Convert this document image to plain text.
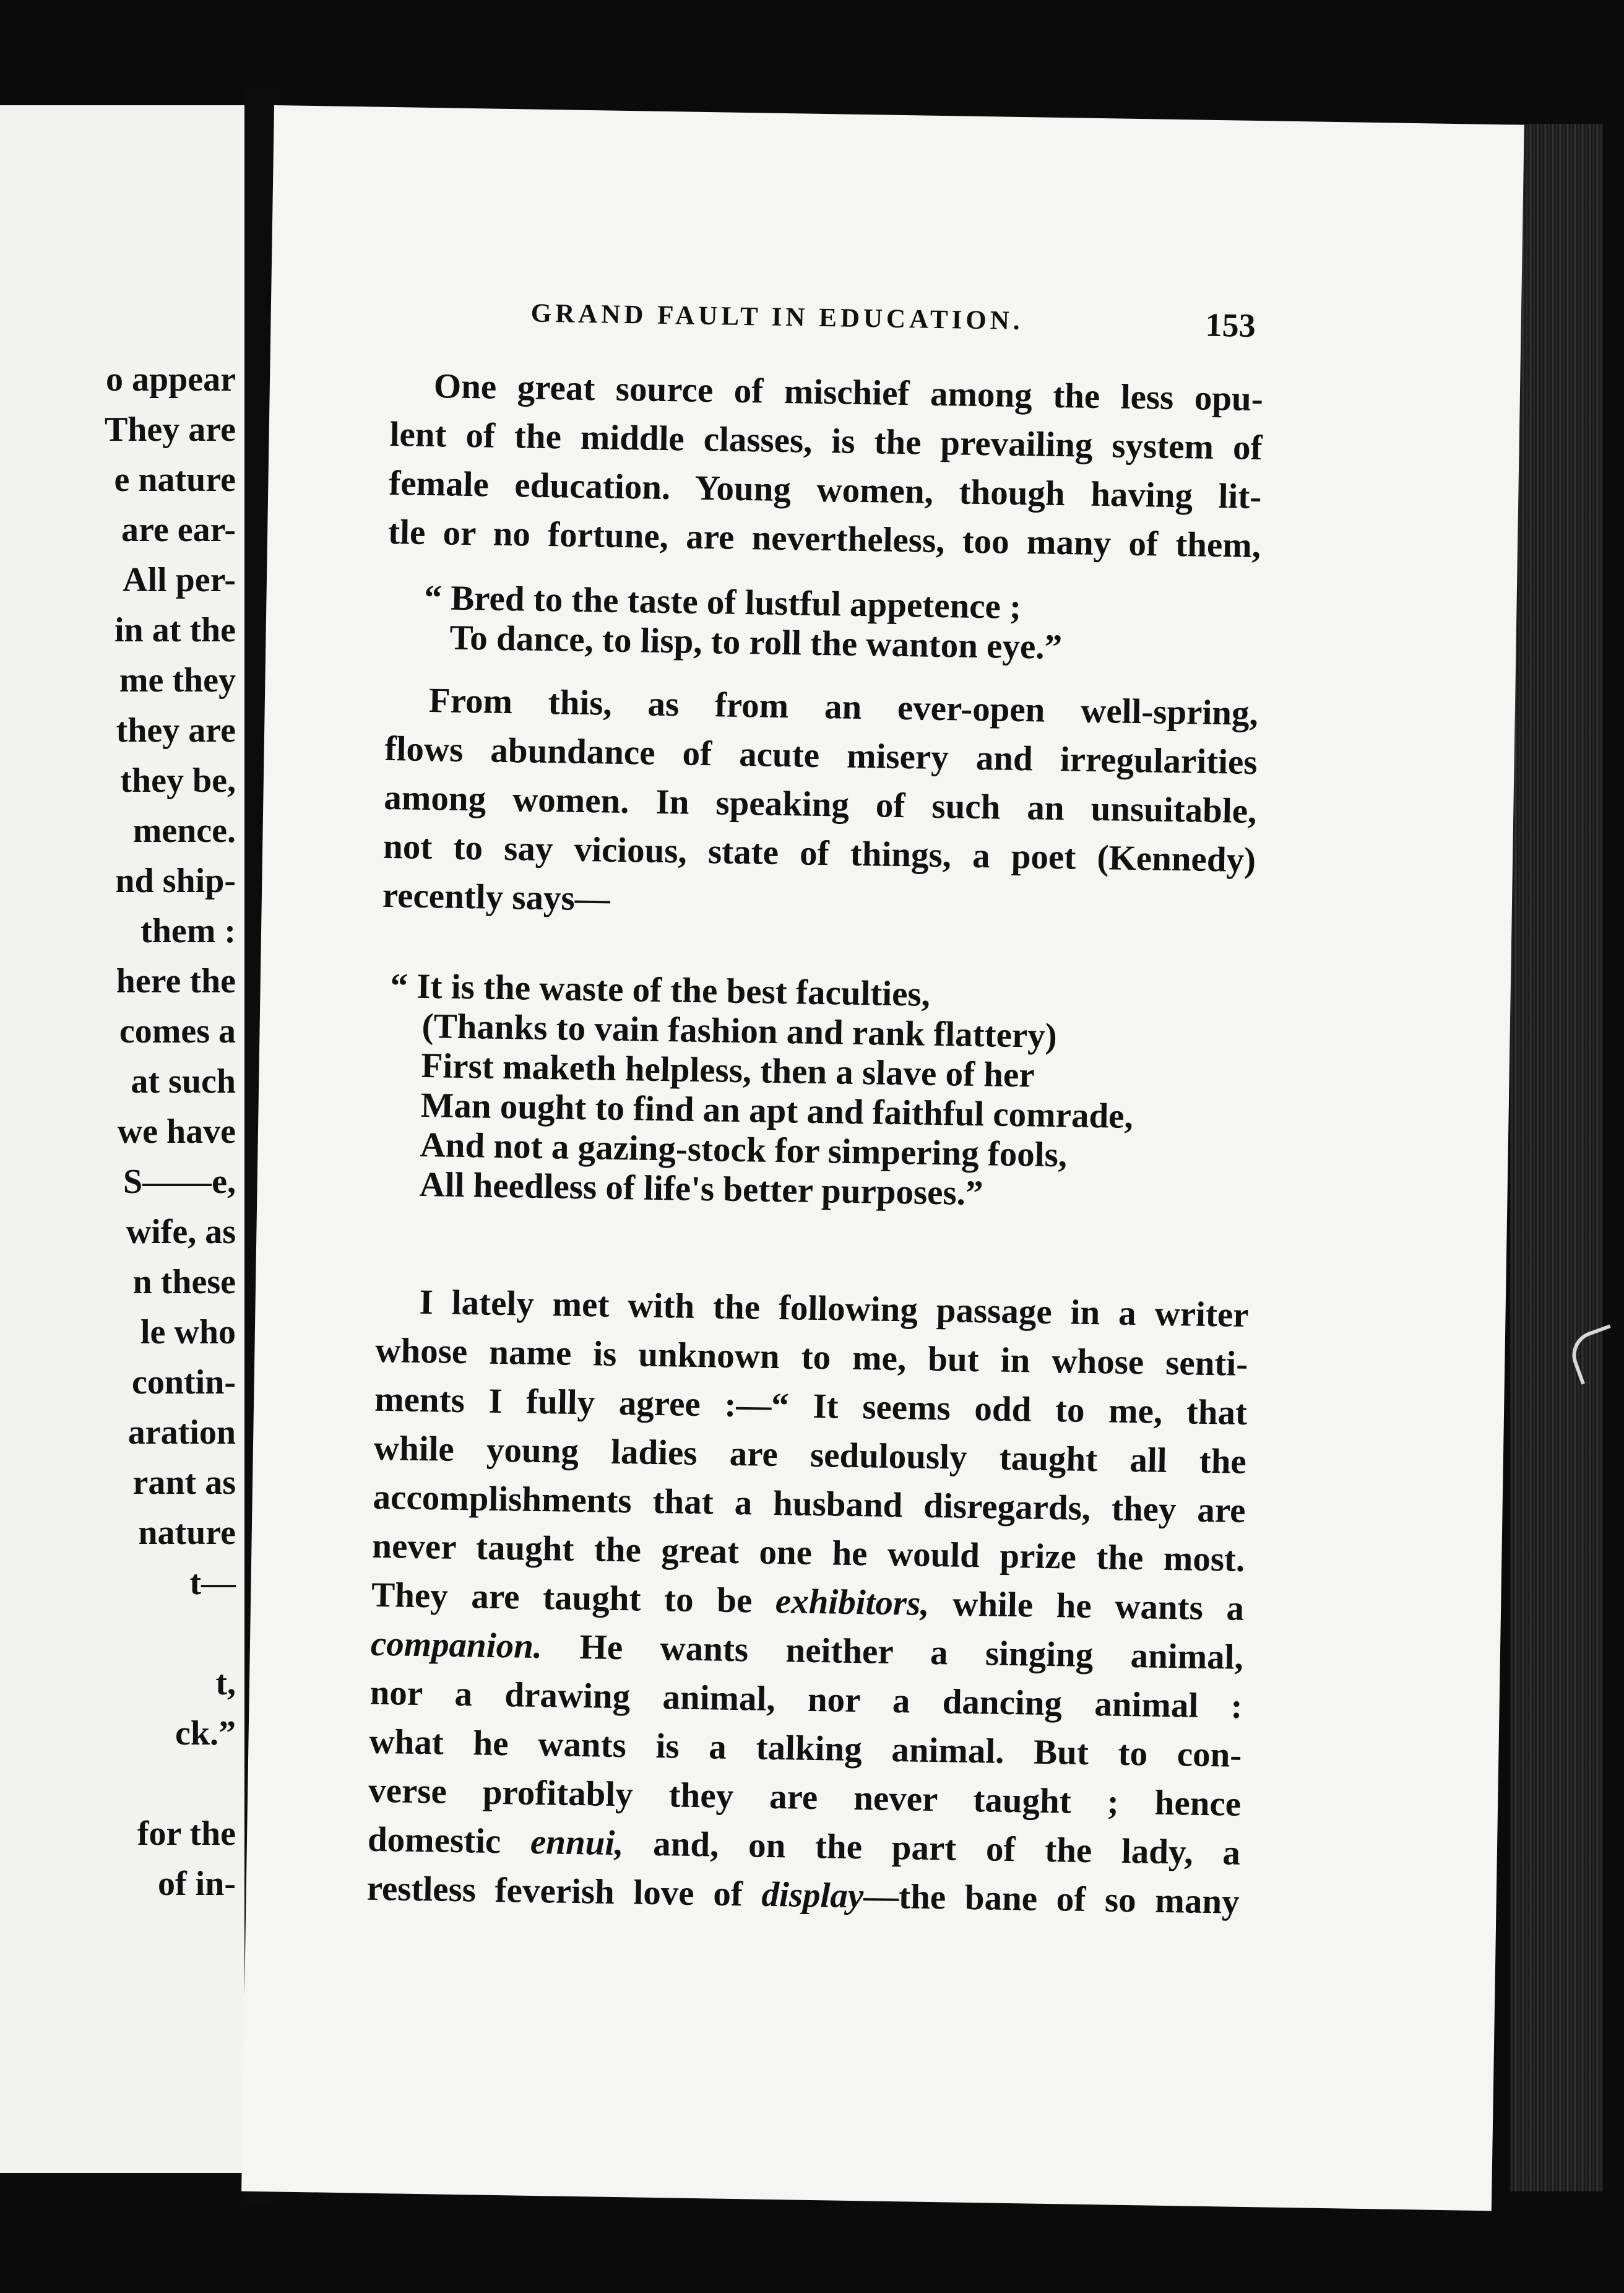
o appear
They are
e nature
are ear-
All per-
in at the
me they
they are
they be,
mence.
nd ship-
them :
here the
comes a
at such
we have
S——e,
wife, as
n these
le who
contin-
aration
rant as
nature
t—
t,
ck.”
for the
of in-
GRAND FAULT IN EDUCATION.	153
One great source of mischief among the less opu-
lent of the middle classes, is the prevailing system of
female education. Young women, though having lit-
tle or no fortune, are nevertheless, too many of them,
“ Bred to the taste of lustful appetence ;
To dance, to lisp, to roll the wanton eye.”
From this, as from an ever-open well-spring,
flows abundance of acute misery and irregularities
among women. In speaking of such an unsuitable,
not to say vicious, state of things, a poet (Kennedy)
recently says—
“ It is the waste of the best faculties,
(Thanks to vain fashion and rank flattery)
First maketh helpless, then a slave of her
Man ought to find an apt and faithful comrade,
And not a gazing-stock for simpering fools,
All heedless of life's better purposes.”
I lately met with the following passage in a writer
whose name is unknown to me, but in whose senti-
ments I fully agree :—“ It seems odd to me, that
while young ladies are sedulously taught all the
accomplishments that a husband disregards, they are
never taught the great one he would prize the most.
They are taught to be exhibitors, while he wants a
companion. He wants neither a singing animal,
nor a drawing animal, nor a dancing animal :
what he wants is a talking animal. But to con-
verse profitably they are never taught ; hence
domestic ennui, and, on the part of the lady, a
restless feverish love of display—the bane of so many
